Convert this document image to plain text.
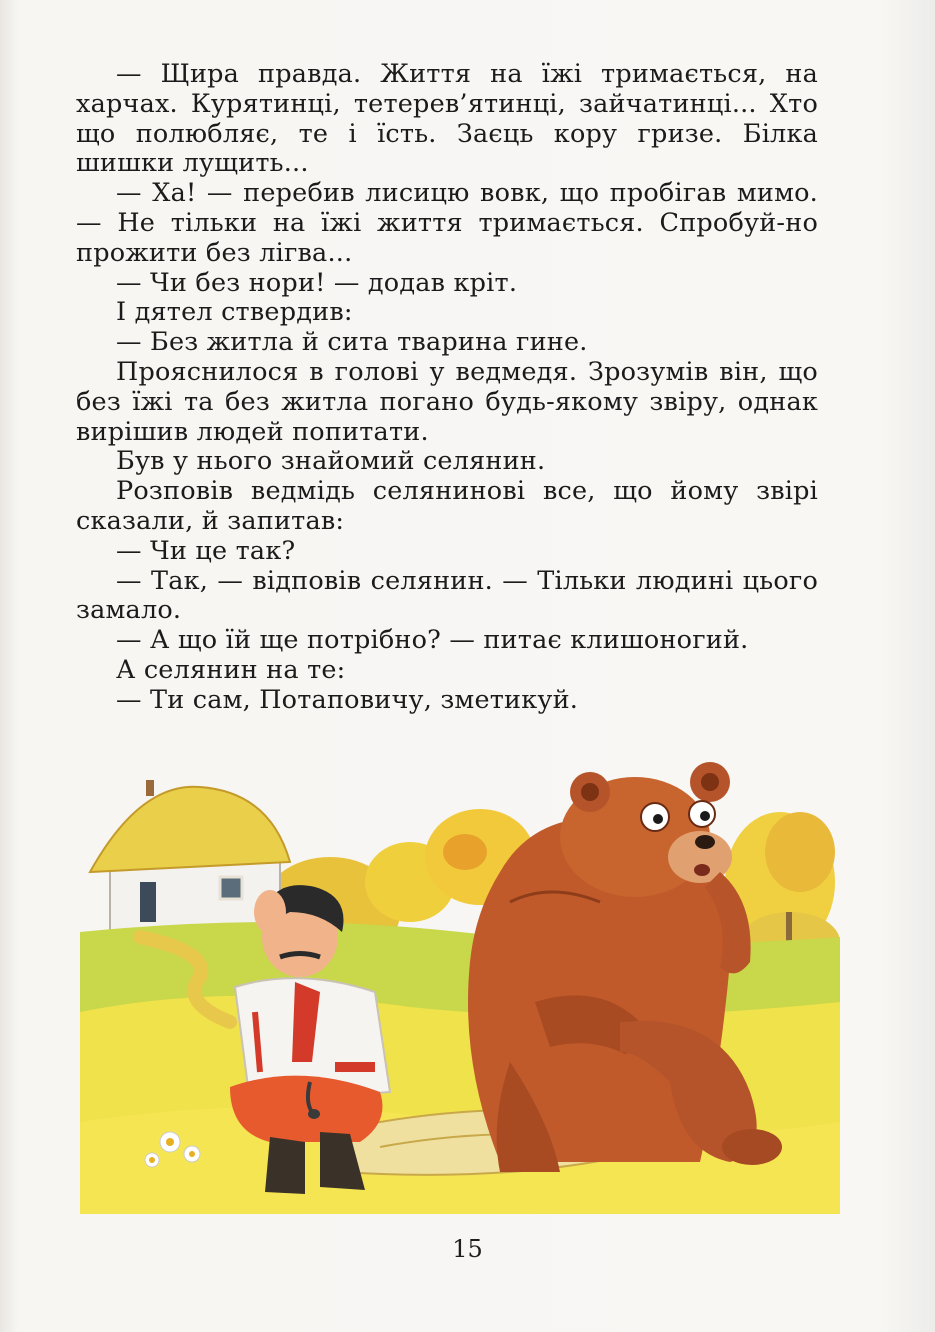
— Щира правда. Життя на їжі тримається, на харчах. Курятинці, тетерев’ятинці, зайчатинці... Хто що полюбляє, те і їсть. Заєць кору гризе. Білка шишки лущить...

— Ха! — перебив лисицю вовк, що пробігав мимо. — Не тільки на їжі життя тримається. Спробуй-но прожити без лігва...

— Чи без нори! — додав кріт.

І дятел ствердив:

— Без житла й сита тварина гине.

Прояснилося в голові у ведмедя. Зрозумів він, що без їжі та без житла погано будь-якому звіру, однак вирішив людей попитати.

Був у нього знайомий селянин.

Розповів ведмідь селянинові все, що йому звірі сказали, й запитав:

— Чи це так?

— Так, — відповів селянин. — Тільки людині цього замало.

— А що їй ще потрібно? — питає клишоногий.

А селянин на те:

— Ти сам, Потаповичу, зметикуй.

15
